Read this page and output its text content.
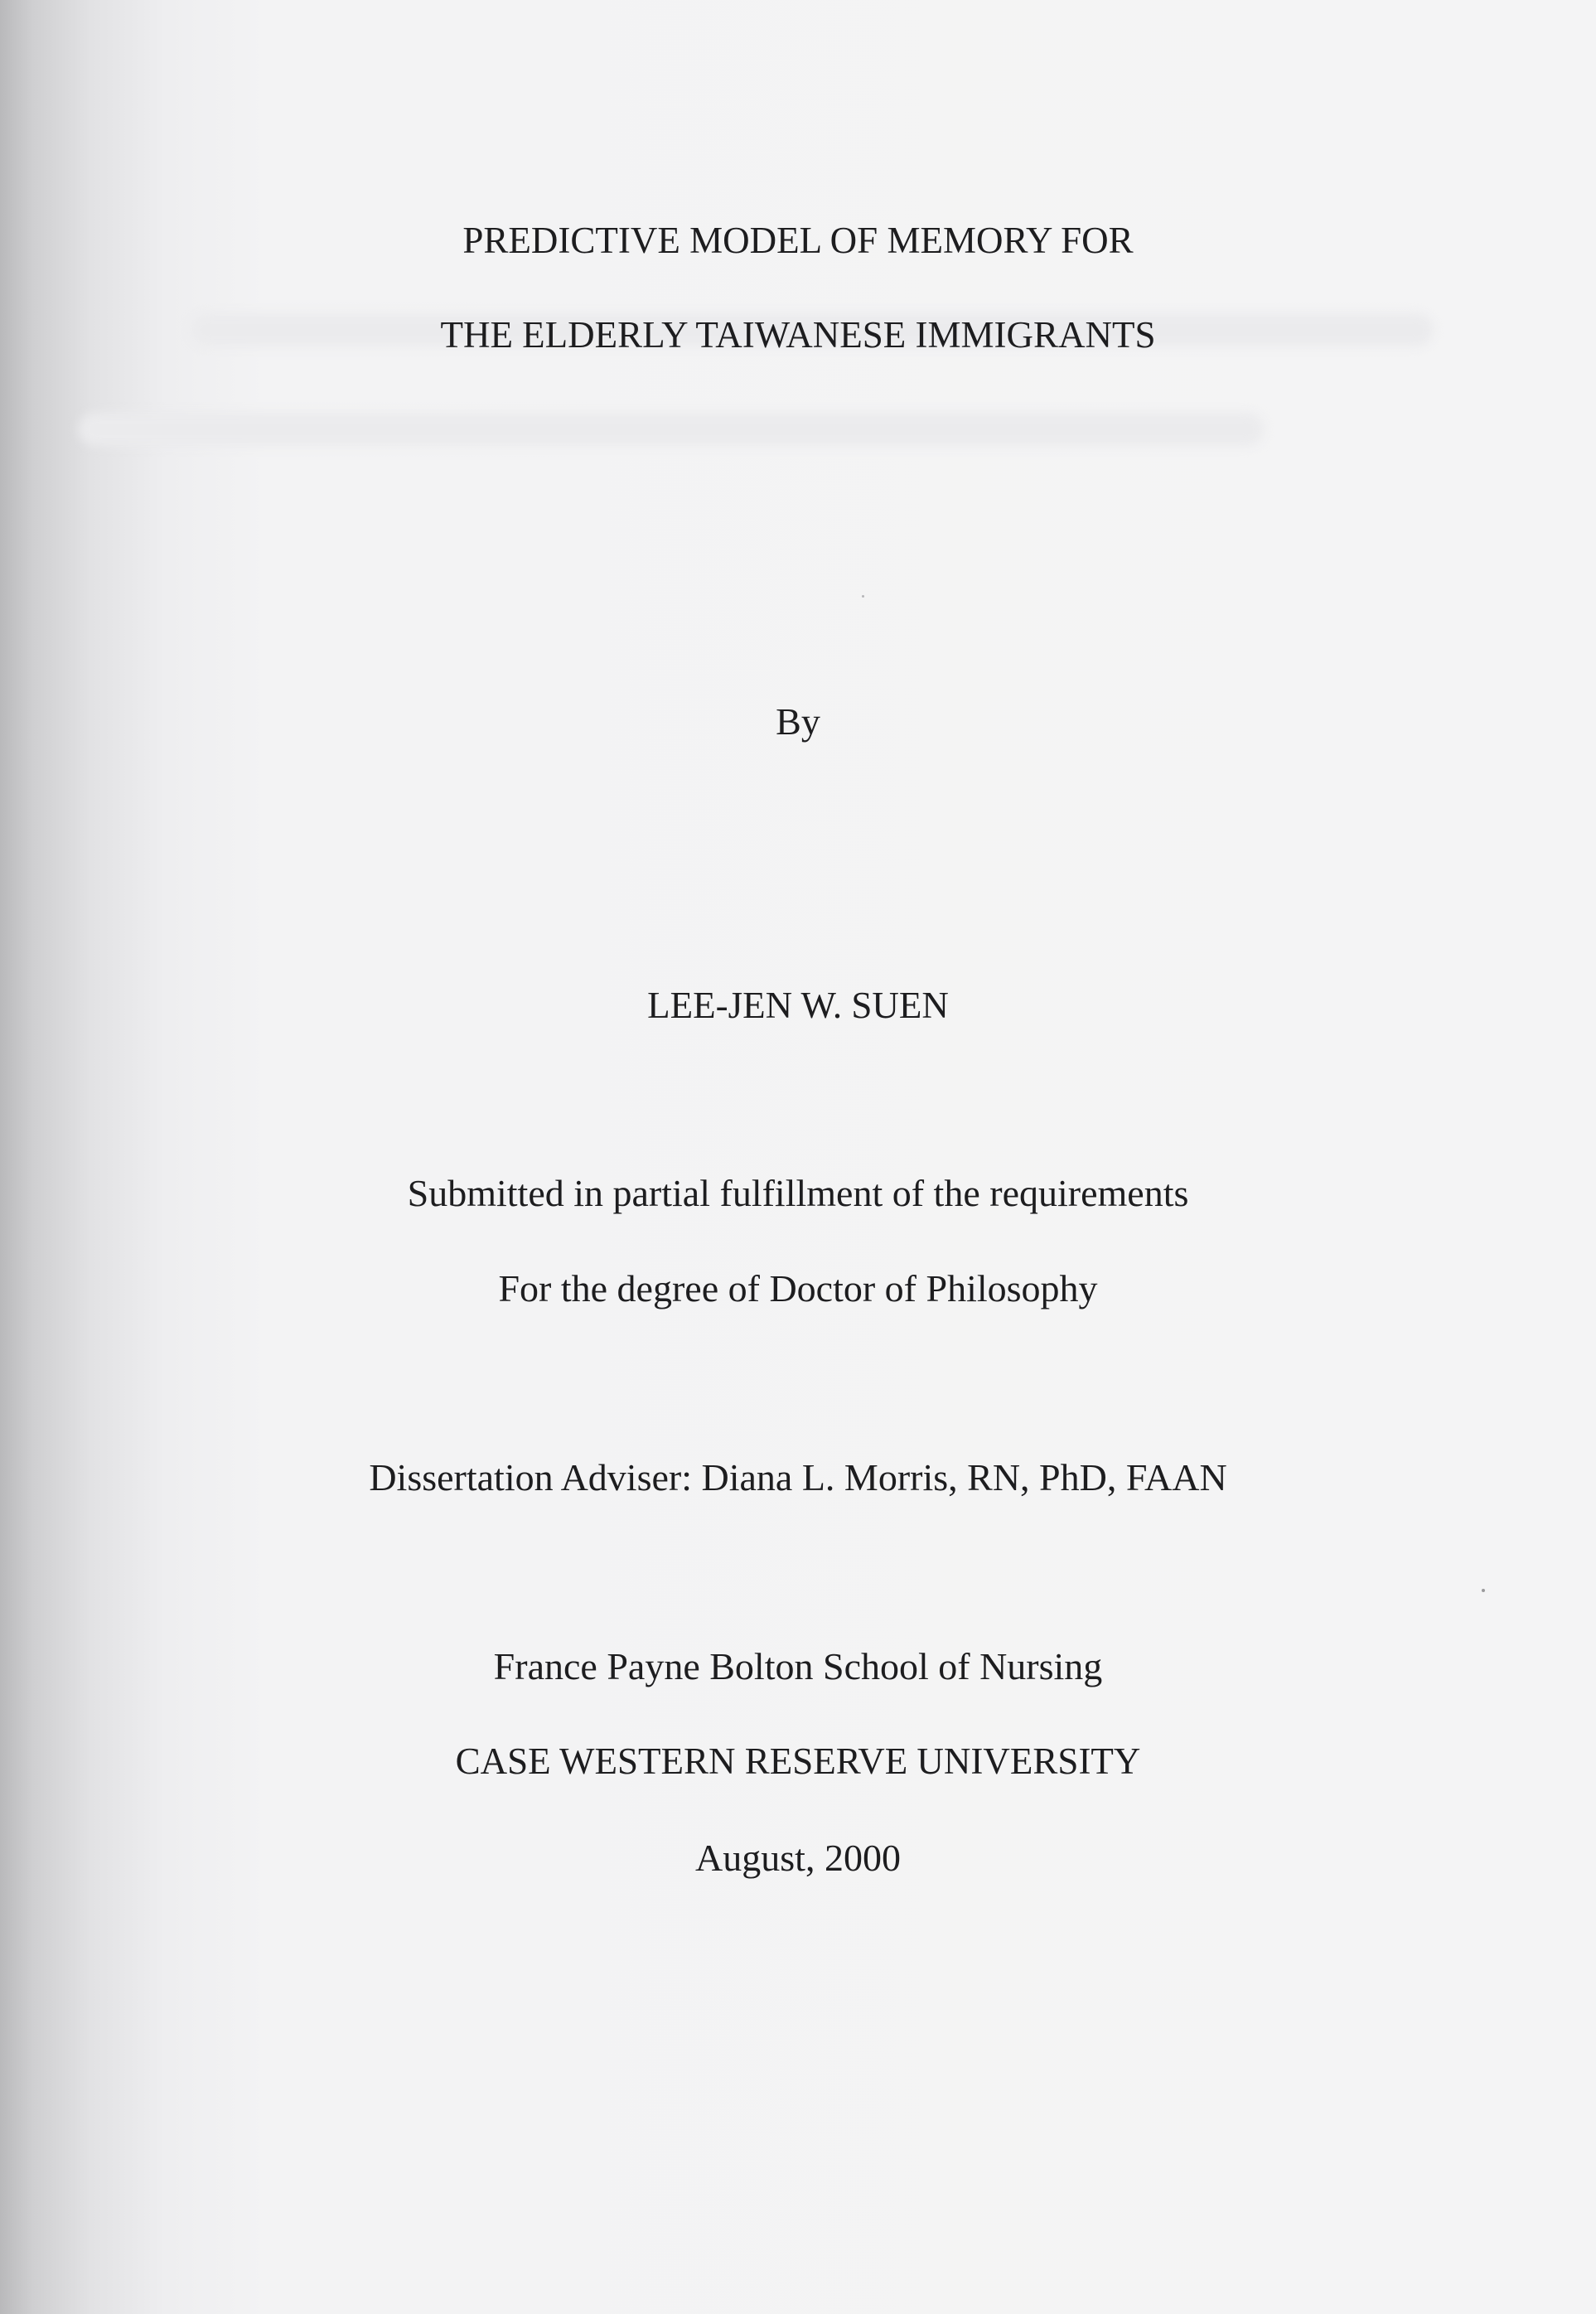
PREDICTIVE MODEL OF MEMORY FOR
THE ELDERLY TAIWANESE IMMIGRANTS
By
LEE-JEN W. SUEN
Submitted in partial fulfillment of the requirements
For the degree of Doctor of Philosophy
Dissertation Adviser: Diana L. Morris, RN, PhD, FAAN
France Payne Bolton School of Nursing
CASE WESTERN RESERVE UNIVERSITY
August, 2000
